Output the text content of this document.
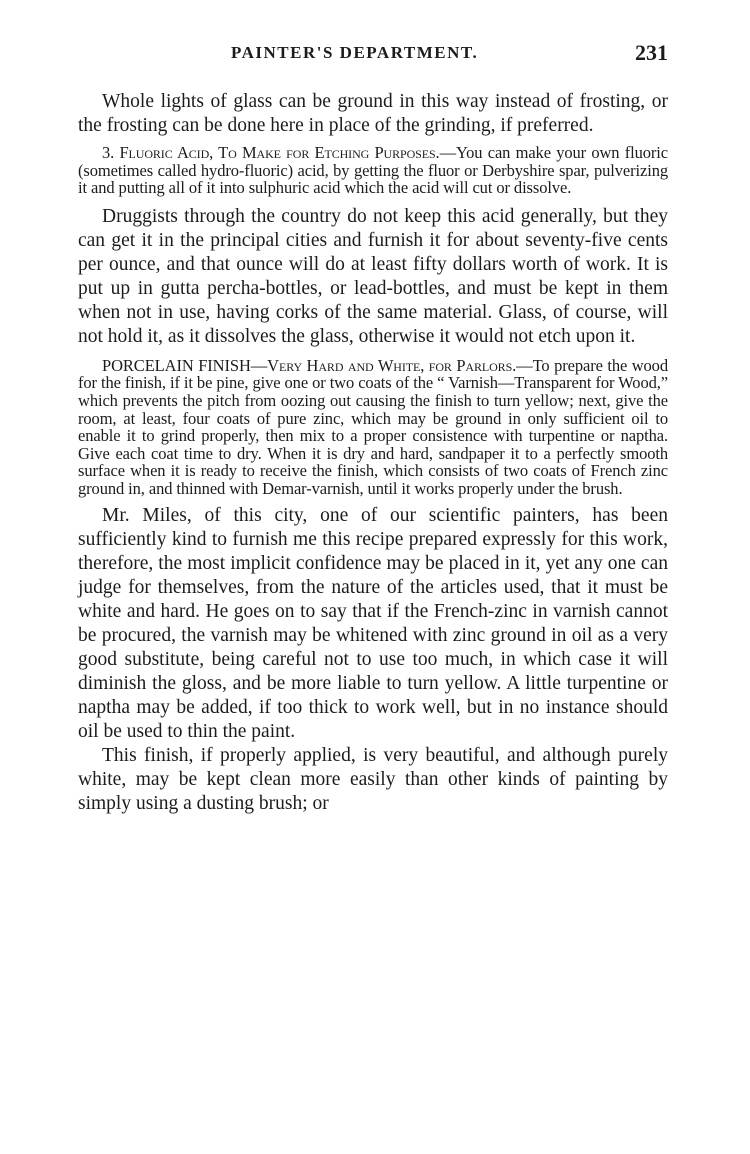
PAINTER'S DEPARTMENT.	231

Whole lights of glass can be ground in this way instead of frosting, or the frosting can be done here in place of the grinding, if preferred.

3. Fluoric Acid, To Make for Etching Purposes.—You can make your own fluoric (sometimes called hydro-fluoric) acid, by getting the fluor or Derbyshire spar, pulverizing it and putting all of it into sulphuric acid which the acid will cut or dissolve.

Druggists through the country do not keep this acid generally, but they can get it in the principal cities and furnish it for about seventy-five cents per ounce, and that ounce will do at least fifty dollars worth of work. It is put up in gutta percha-bottles, or lead-bottles, and must be kept in them when not in use, having corks of the same material. Glass, of course, will not hold it, as it dissolves the glass, otherwise it would not etch upon it.

PORCELAIN FINISH—Very Hard and White, for Parlors.—To prepare the wood for the finish, if it be pine, give one or two coats of the “ Varnish—Transparent for Wood,” which prevents the pitch from oozing out causing the finish to turn yellow; next, give the room, at least, four coats of pure zinc, which may be ground in only sufficient oil to enable it to grind properly, then mix to a proper consistence with turpentine or naptha. Give each coat time to dry. When it is dry and hard, sandpaper it to a perfectly smooth surface when it is ready to receive the finish, which consists of two coats of French zinc ground in, and thinned with Demar-varnish, until it works properly under the brush.

Mr. Miles, of this city, one of our scientific painters, has been sufficiently kind to furnish me this recipe prepared expressly for this work, therefore, the most implicit confidence may be placed in it, yet any one can judge for themselves, from the nature of the articles used, that it must be white and hard. He goes on to say that if the French-zinc in varnish cannot be procured, the varnish may be whitened with zinc ground in oil as a very good substitute, being careful not to use too much, in which case it will diminish the gloss, and be more liable to turn yellow. A little turpentine or naptha may be added, if too thick to work well, but in no instance should oil be used to thin the paint.

This finish, if properly applied, is very beautiful, and although purely white, may be kept clean more easily than other kinds of painting by simply using a dusting brush; or
